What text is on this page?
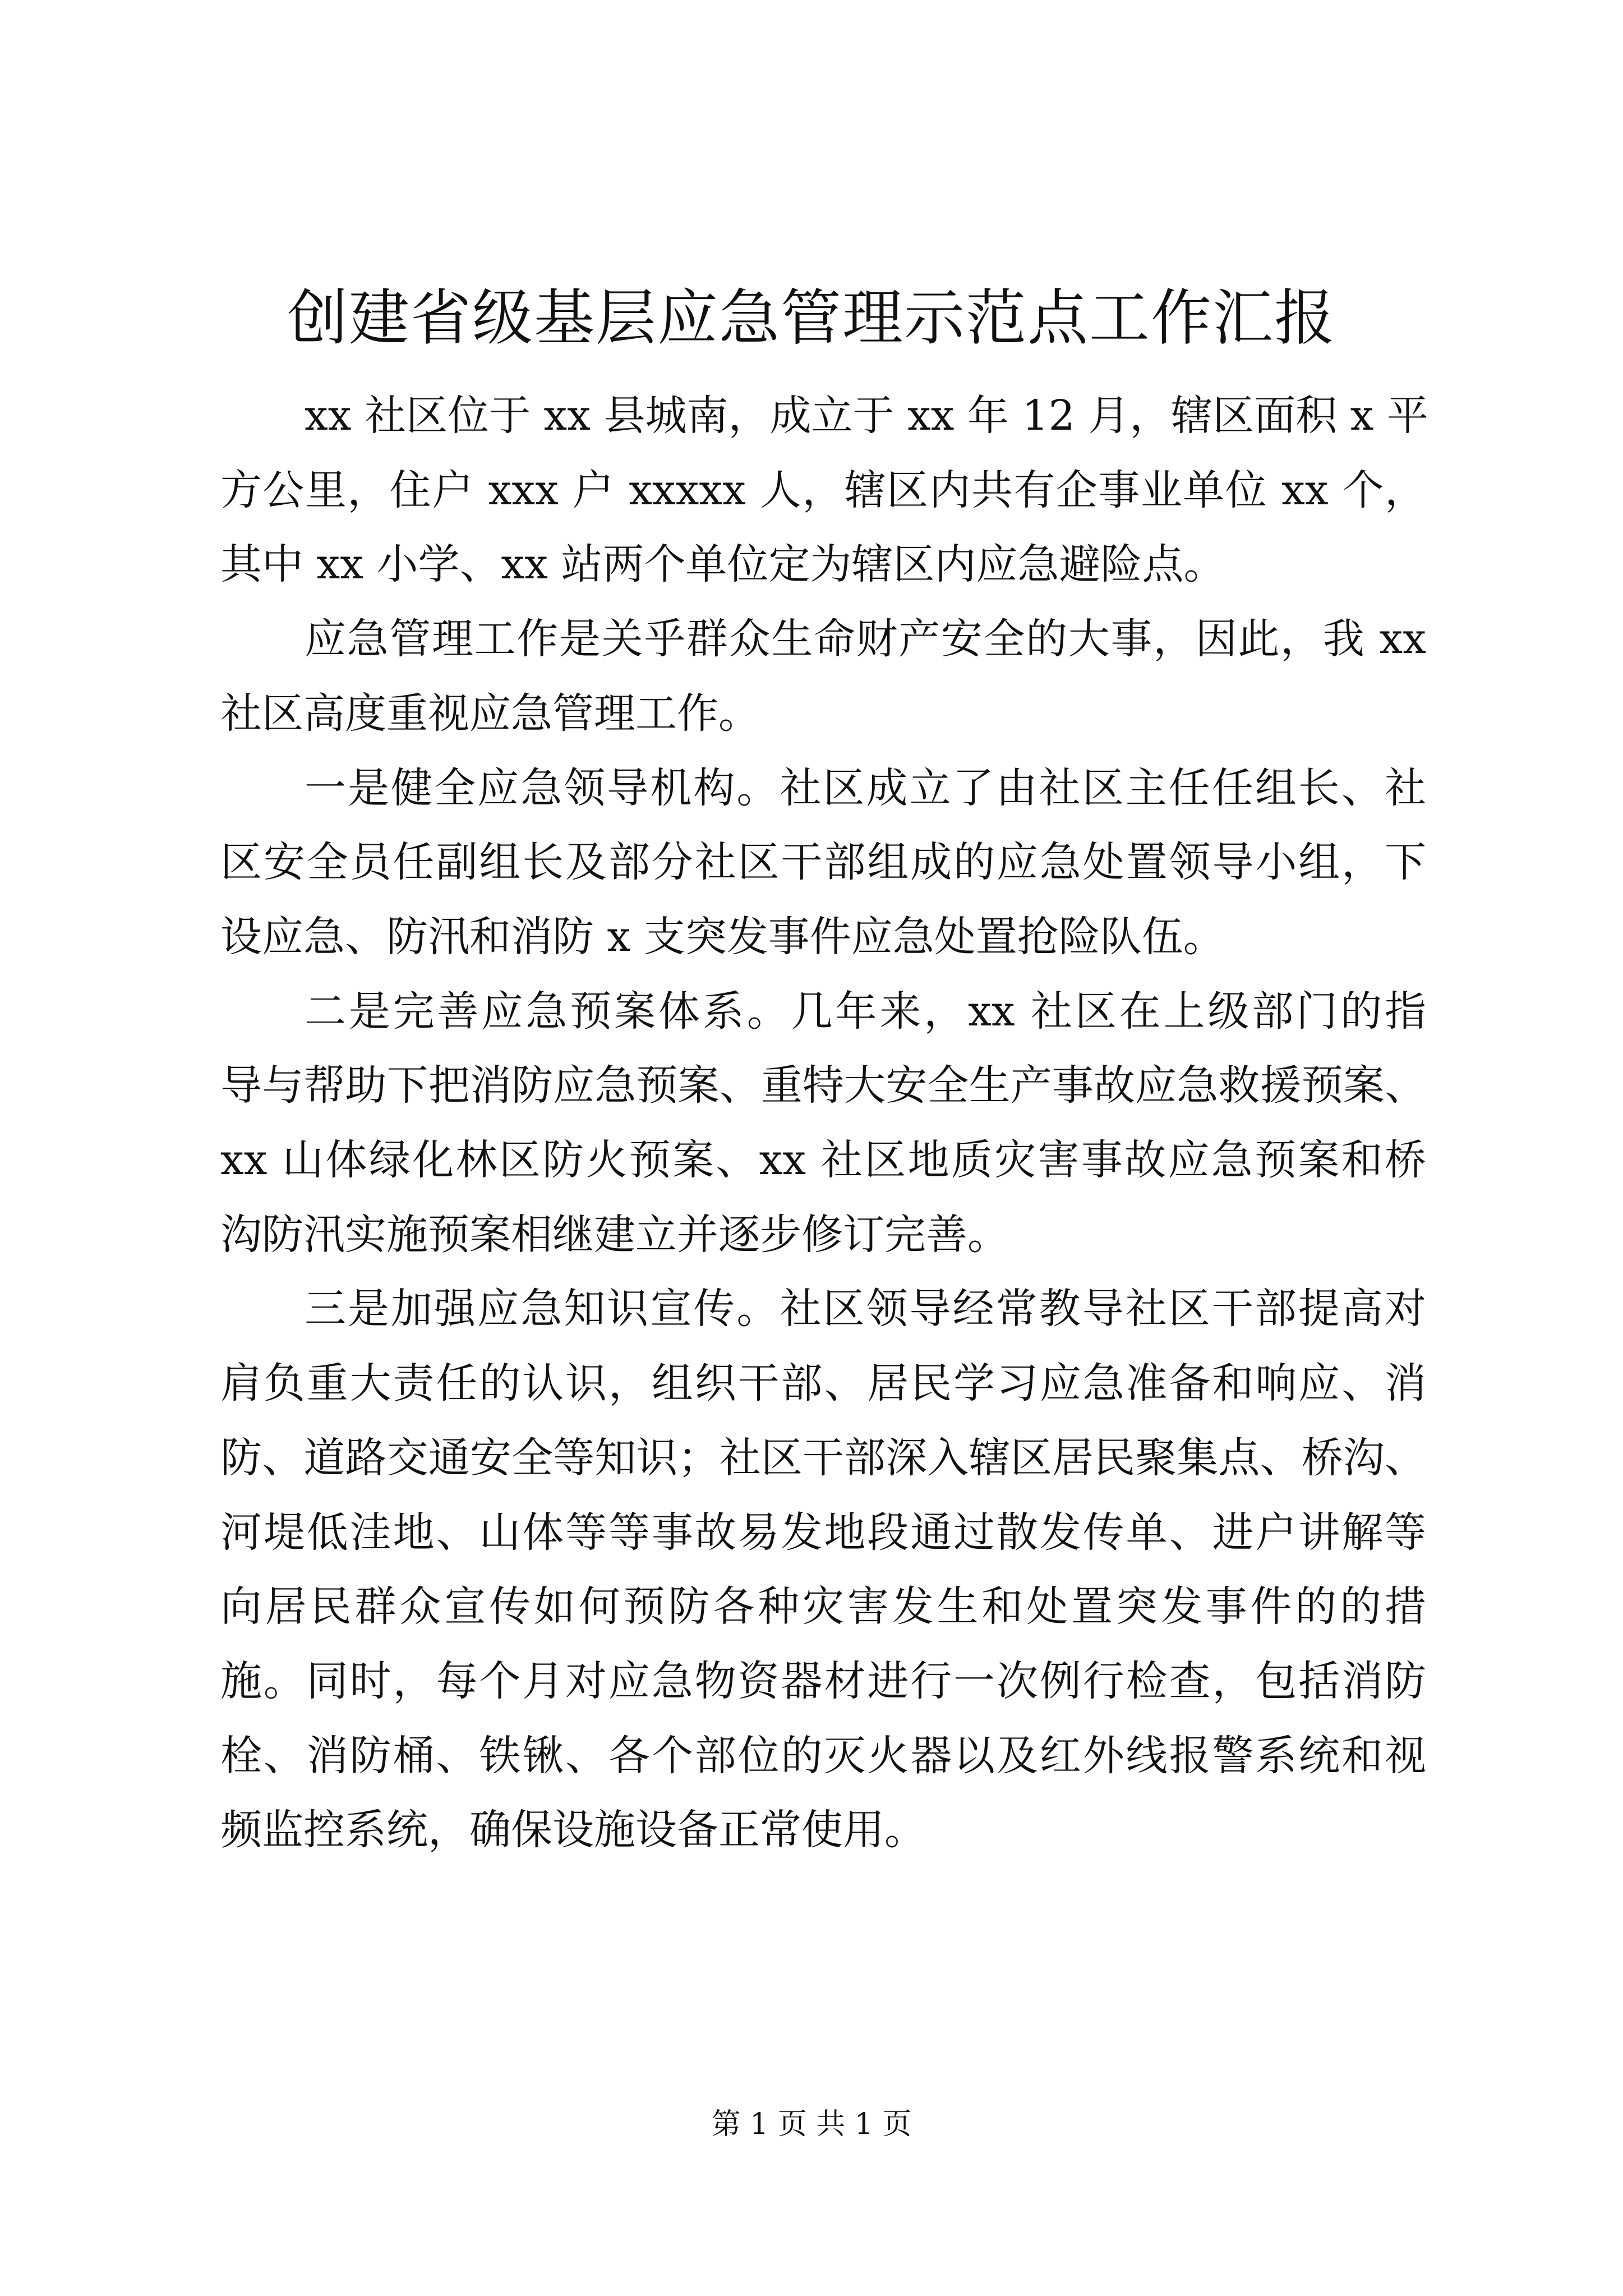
创建省级基层应急管理示范点工作汇报

xx 社区位于 xx 县城南，成立于 xx 年 12 月，辖区面积 x 平
方公里，住户 xxx 户 xxxxx 人，辖区内共有企事业单位 xx 个，
其中 xx 小学、xx 站两个单位定为辖区内应急避险点。

应急管理工作是关乎群众生命财产安全的大事，因此，我 xx
社区高度重视应急管理工作。

一是健全应急领导机构。社区成立了由社区主任任组长、社
区安全员任副组长及部分社区干部组成的应急处置领导小组，下
设应急、防汛和消防 x 支突发事件应急处置抢险队伍。

二是完善应急预案体系。几年来，xx 社区在上级部门的指
导与帮助下把消防应急预案、重特大安全生产事故应急救援预案、
xx 山体绿化林区防火预案、xx 社区地质灾害事故应急预案和桥
沟防汛实施预案相继建立并逐步修订完善。

三是加强应急知识宣传。社区领导经常教导社区干部提高对
肩负重大责任的认识，组织干部、居民学习应急准备和响应、消
防、道路交通安全等知识；社区干部深入辖区居民聚集点、桥沟、
河堤低洼地、山体等等事故易发地段通过散发传单、进户讲解等
向居民群众宣传如何预防各种灾害发生和处置突发事件的的措
施。同时，每个月对应急物资器材进行一次例行检查，包括消防
栓、消防桶、铁锹、各个部位的灭火器以及红外线报警系统和视
频监控系统，确保设施设备正常使用。

第 1 页 共 1 页
